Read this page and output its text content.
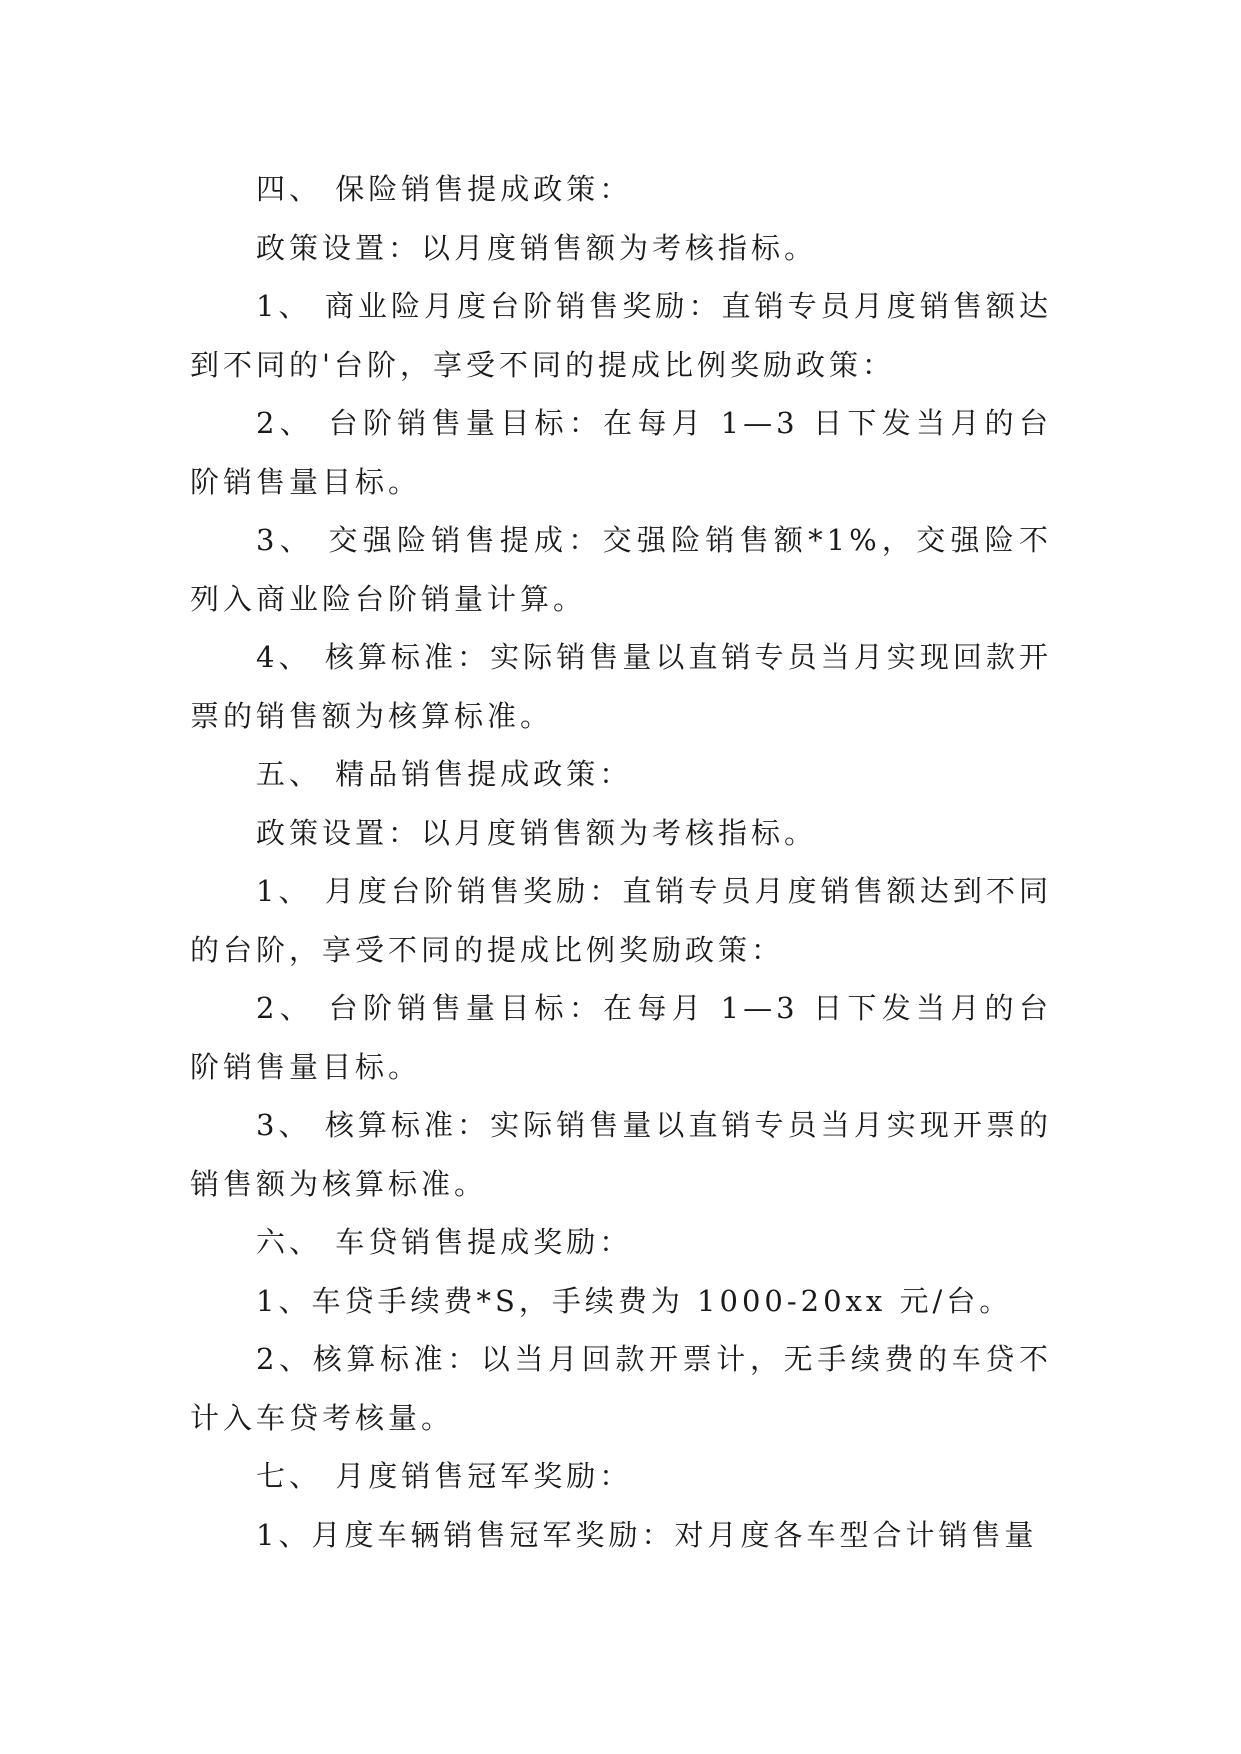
四、 保险销售提成政策：

政策设置：以月度销售额为考核指标。

1、 商业险月度台阶销售奖励：直销专员月度销售额达到不同的'台阶，享受不同的提成比例奖励政策：

2、 台阶销售量目标：在每月 1—3 日下发当月的台阶销售量目标。

3、 交强险销售提成：交强险销售额*1%，交强险不列入商业险台阶销量计算。

4、 核算标准：实际销售量以直销专员当月实现回款开票的销售额为核算标准。

五、 精品销售提成政策：

政策设置：以月度销售额为考核指标。

1、 月度台阶销售奖励：直销专员月度销售额达到不同的台阶，享受不同的提成比例奖励政策：

2、 台阶销售量目标：在每月 1—3 日下发当月的台阶销售量目标。

3、 核算标准：实际销售量以直销专员当月实现开票的销售额为核算标准。

六、 车贷销售提成奖励：

1、车贷手续费*S，手续费为 1000-20xx 元/台。

2、核算标准：以当月回款开票计，无手续费的车贷不计入车贷考核量。

七、 月度销售冠军奖励：

1、月度车辆销售冠军奖励：对月度各车型合计销售量
